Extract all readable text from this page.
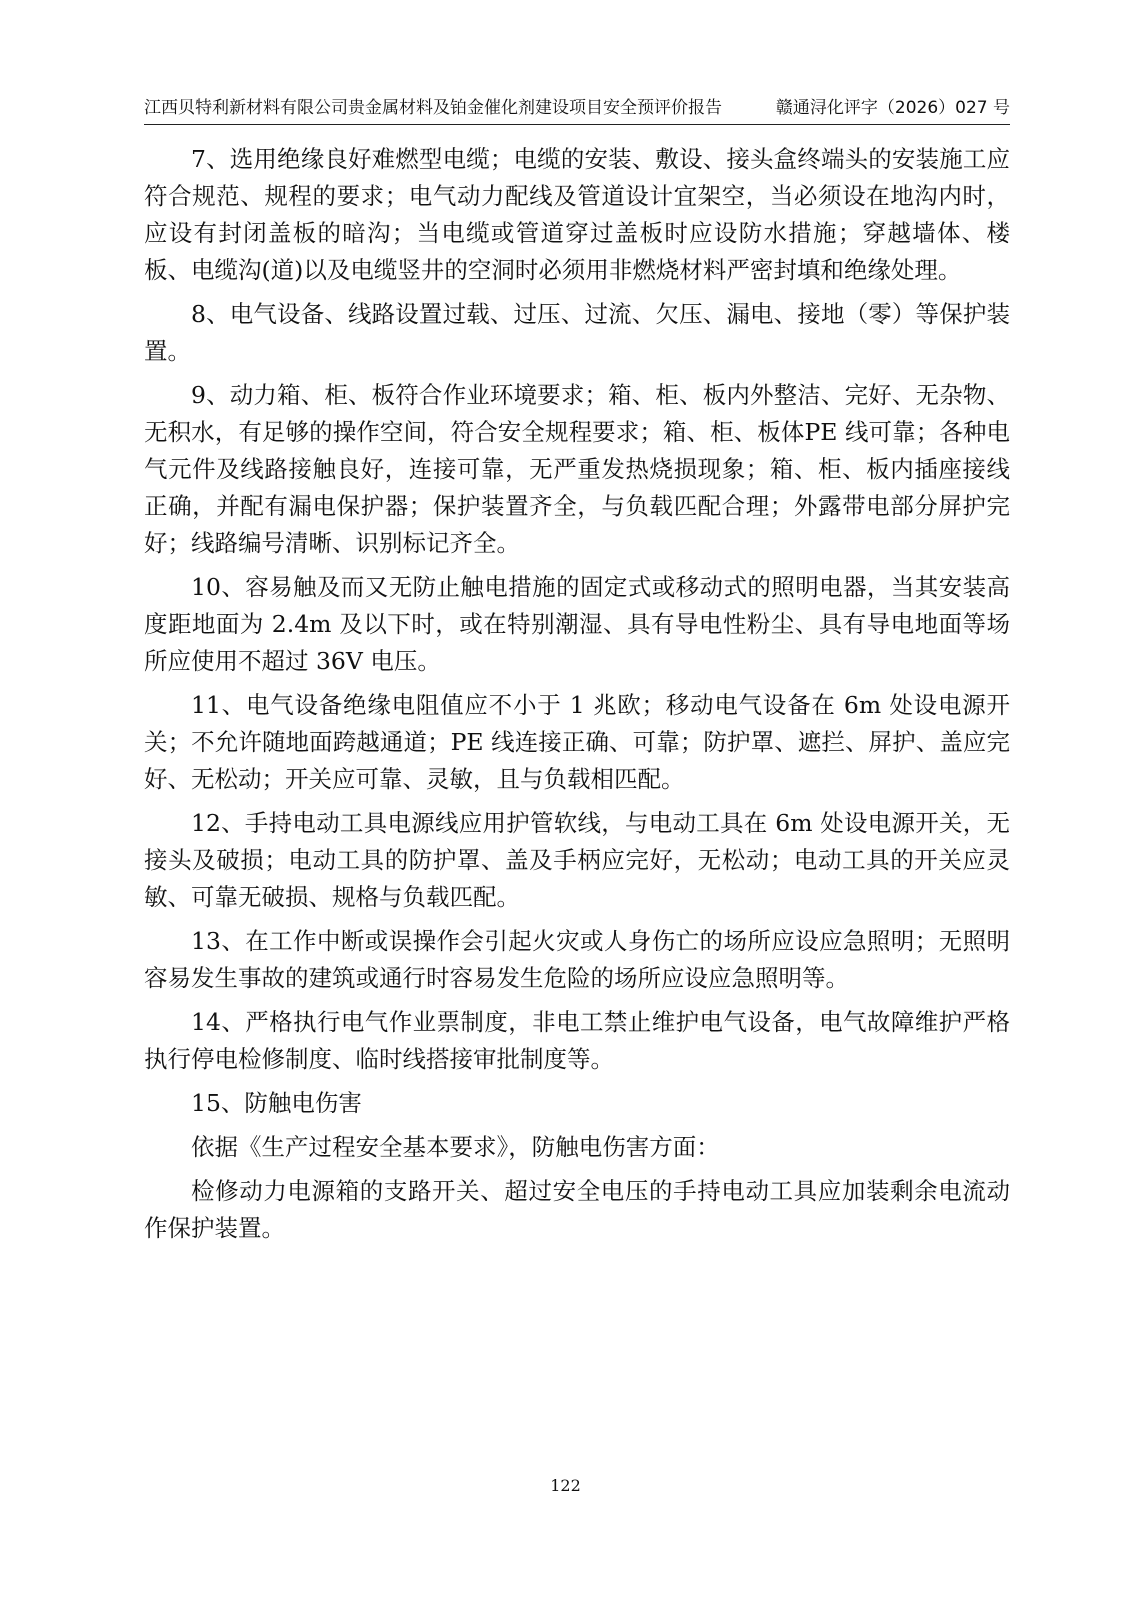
江西贝特利新材料有限公司贵金属材料及铂金催化剂建设项目安全预评价报告	赣通浔化评字（2026）027 号

7、选用绝缘良好难燃型电缆；电缆的安装、敷设、接头盒终端头的安装施工应符合规范、规程的要求；电气动力配线及管道设计宜架空，当必须设在地沟内时，应设有封闭盖板的暗沟；当电缆或管道穿过盖板时应设防水措施；穿越墙体、楼板、电缆沟(道)以及电缆竖井的空洞时必须用非燃烧材料严密封填和绝缘处理。

8、电气设备、线路设置过载、过压、过流、欠压、漏电、接地（零）等保护装置。

9、动力箱、柜、板符合作业环境要求；箱、柜、板内外整洁、完好、无杂物、无积水，有足够的操作空间，符合安全规程要求；箱、柜、板体PE 线可靠；各种电气元件及线路接触良好，连接可靠，无严重发热烧损现象；箱、柜、板内插座接线正确，并配有漏电保护器；保护装置齐全，与负载匹配合理；外露带电部分屏护完好；线路编号清晰、识别标记齐全。

10、容易触及而又无防止触电措施的固定式或移动式的照明电器，当其安装高度距地面为 2.4m 及以下时，或在特别潮湿、具有导电性粉尘、具有导电地面等场所应使用不超过 36V 电压。

11、电气设备绝缘电阻值应不小于 1 兆欧；移动电气设备在 6m 处设电源开关；不允许随地面跨越通道；PE 线连接正确、可靠；防护罩、遮拦、屏护、盖应完好、无松动；开关应可靠、灵敏，且与负载相匹配。

12、手持电动工具电源线应用护管软线，与电动工具在 6m 处设电源开关，无接头及破损；电动工具的防护罩、盖及手柄应完好，无松动；电动工具的开关应灵敏、可靠无破损、规格与负载匹配。

13、在工作中断或误操作会引起火灾或人身伤亡的场所应设应急照明；无照明容易发生事故的建筑或通行时容易发生危险的场所应设应急照明等。

14、严格执行电气作业票制度，非电工禁止维护电气设备，电气故障维护严格执行停电检修制度、临时线搭接审批制度等。

15、防触电伤害

依据《生产过程安全基本要求》，防触电伤害方面：

检修动力电源箱的支路开关、超过安全电压的手持电动工具应加装剩余电流动作保护装置。

122
